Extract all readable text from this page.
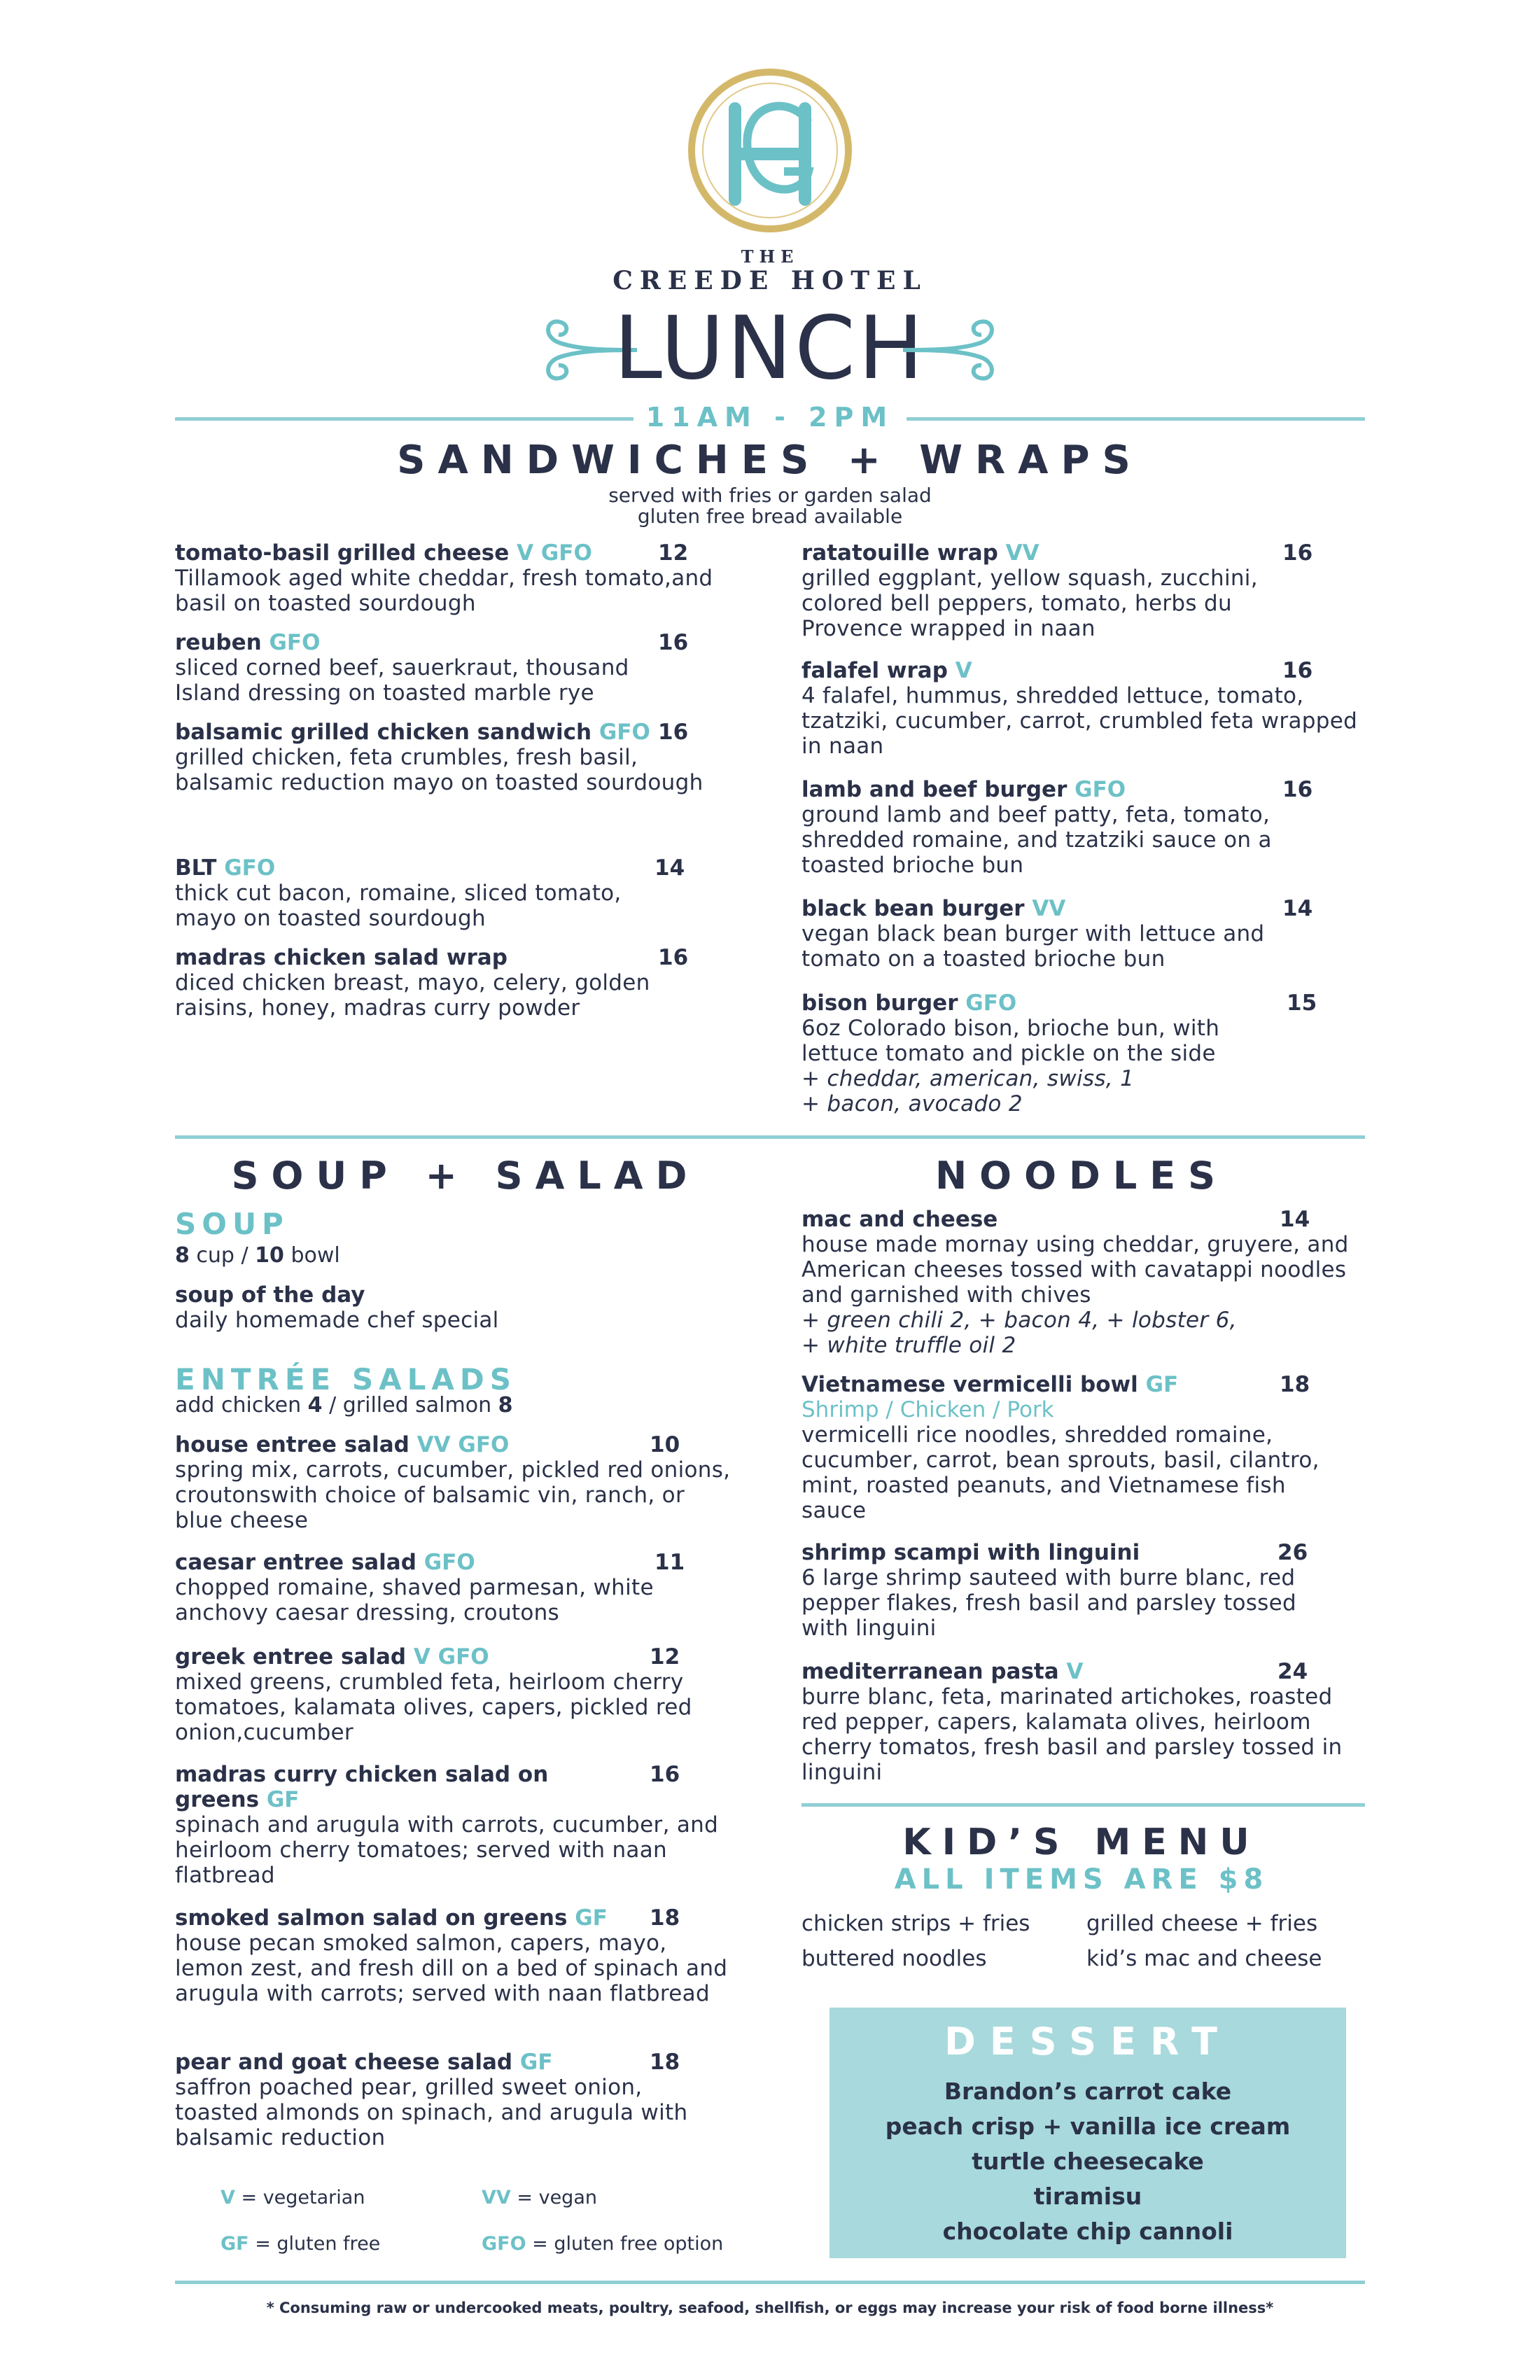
THE
CREEDE HOTEL
LUNCH
11AM - 2PM
SANDWICHES + WRAPS
served with fries or garden salad
gluten free bread available
tomato-basil grilled cheese V GFO
Tillamook aged white cheddar, fresh tomato,and basil on toasted sourdough
12
reuben GFO
sliced corned beef, sauerkraut, thousand Island dressing on toasted marble rye
16
balsamic grilled chicken sandwich GFO
grilled chicken, feta crumbles, fresh basil, balsamic reduction mayo on toasted sourdough
16
BLT GFO
thick cut bacon, romaine, sliced tomato, mayo on toasted sourdough
14
madras chicken salad wrap
diced chicken breast, mayo, celery, golden raisins, honey, madras curry powder
16
ratatouille wrap VV
grilled eggplant, yellow squash, zucchini, colored bell peppers, tomato, herbs du Provence wrapped in naan
16
falafel wrap V
4 falafel, hummus, shredded lettuce, tomato, tzatziki, cucumber, carrot, crumbled feta wrapped in naan
16
lamb and beef burger GFO
ground lamb and beef patty, feta, tomato, shredded romaine, and tzatziki sauce on a toasted brioche bun
16
black bean burger VV
vegan black bean burger with lettuce and tomato on a toasted brioche bun
14
bison burger GFO
6oz Colorado bison, brioche bun, with lettuce tomato and pickle on the side
+ cheddar, american, swiss, 1
+ bacon, avocado 2
15
SOUP + SALAD
SOUP
8 cup / 10 bowl
soup of the day
daily homemade chef special
ENTRÉE SALADS
add chicken 4 / grilled salmon 8
house entree salad VV GFO
spring mix, carrots, cucumber, pickled red onions, croutonswith choice of balsamic vin, ranch, or blue cheese
10
caesar entree salad GFO
chopped romaine, shaved parmesan, white anchovy caesar dressing, croutons
11
greek entree salad V GFO
mixed greens, crumbled feta, heirloom cherry tomatoes, kalamata olives, capers, pickled red onion,cucumber
12
madras curry chicken salad on greens GF
spinach and arugula with carrots, cucumber, and heirloom cherry tomatoes; served with naan flatbread
16
smoked salmon salad on greens GF
house pecan smoked salmon, capers, mayo, lemon zest, and fresh dill on a bed of spinach and arugula with carrots; served with naan flatbread
18
pear and goat cheese salad GF
saffron poached pear, grilled sweet onion, toasted almonds on spinach, and arugula with balsamic reduction
18
V = vegetarian	VV = vegan
GF = gluten free	GFO = gluten free option
NOODLES
mac and cheese
house made mornay using cheddar, gruyere, and American cheeses tossed with cavatappi noodles and garnished with chives
+ green chili 2, + bacon 4, + lobster 6,
+ white truffle oil 2
14
Vietnamese vermicelli bowl GF
Shrimp / Chicken / Pork
vermicelli rice noodles, shredded romaine, cucumber, carrot, bean sprouts, basil, cilantro, mint, roasted peanuts, and Vietnamese fish sauce
18
shrimp scampi with linguini
6 large shrimp sauteed with burre blanc, red pepper flakes, fresh basil and parsley tossed with linguini
26
mediterranean pasta V
burre blanc, feta, marinated artichokes, roasted red pepper, capers, kalamata olives, heirloom cherry tomatos, fresh basil and parsley tossed in linguini
24
KID’S MENU
ALL ITEMS ARE $8
chicken strips + fries	grilled cheese + fries
buttered noodles	kid’s mac and cheese
DESSERT
Brandon’s carrot cake
peach crisp + vanilla ice cream
turtle cheesecake
tiramisu
chocolate chip cannoli
* Consuming raw or undercooked meats, poultry, seafood, shellfish, or eggs may increase your risk of food borne illness*
